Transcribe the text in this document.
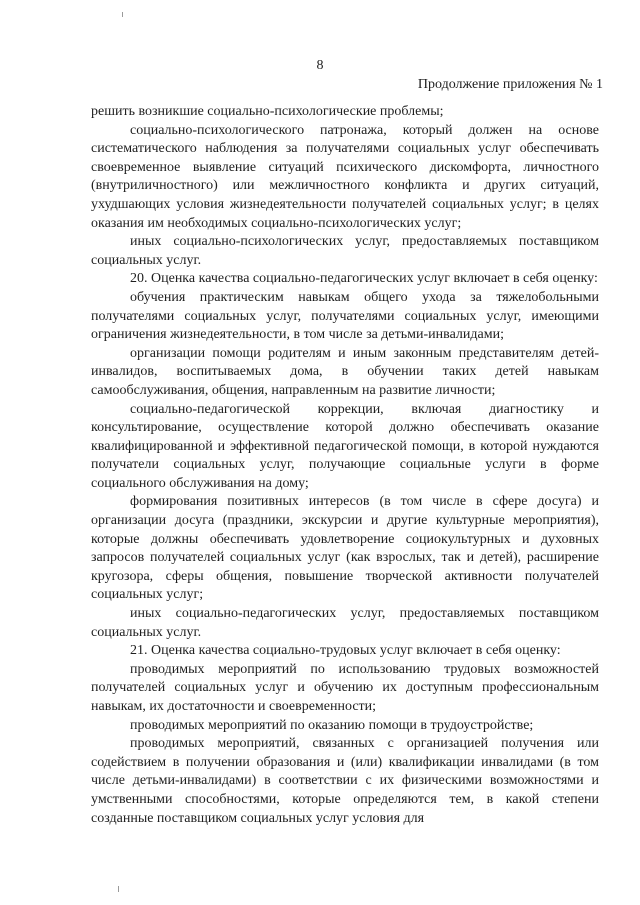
8
Продолжение приложения № 1

решить возникшие социально-психологические проблемы;

социально-психологического патронажа, который должен на основе систематического наблюдения за получателями социальных услуг обеспечивать своевременное выявление ситуаций психического дискомфорта, личностного (внутриличностного) или межличностного конфликта и других ситуаций, ухудшающих условия жизнедеятельности получателей социальных услуг; в целях оказания им необходимых социально-психологических услуг;

иных социально-психологических услуг, предоставляемых поставщиком социальных услуг.

20. Оценка качества социально-педагогических услуг включает в себя оценку:

обучения практическим навыкам общего ухода за тяжелобольными получателями социальных услуг, получателями социальных услуг, имеющими ограничения жизнедеятельности, в том числе за детьми-инвалидами;

организации помощи родителям и иным законным представителям детей-инвалидов, воспитываемых дома, в обучении таких детей навыкам самообслуживания, общения, направленным на развитие личности;

социально-педагогической коррекции, включая диагностику и консультирование, осуществление которой должно обеспечивать оказание квалифицированной и эффективной педагогической помощи, в которой нуждаются получатели социальных услуг, получающие социальные услуги в форме социального обслуживания на дому;

формирования позитивных интересов (в том числе в сфере досуга) и организации досуга (праздники, экскурсии и другие культурные мероприятия), которые должны обеспечивать удовлетворение социокультурных и духовных запросов получателей социальных услуг (как взрослых, так и детей), расширение кругозора, сферы общения, повышение творческой активности получателей социальных услуг;

иных социально-педагогических услуг, предоставляемых поставщиком социальных услуг.

21. Оценка качества социально-трудовых услуг включает в себя оценку:

проводимых мероприятий по использованию трудовых возможностей получателей социальных услуг и обучению их доступным профессиональным навыкам, их достаточности и своевременности;

проводимых мероприятий по оказанию помощи в трудоустройстве;

проводимых мероприятий, связанных с организацией получения или содействием в получении образования и (или) квалификации инвалидами (в том числе детьми-инвалидами) в соответствии с их физическими возможностями и умственными способностями, которые определяются тем, в какой степени созданные поставщиком социальных услуг условия для
